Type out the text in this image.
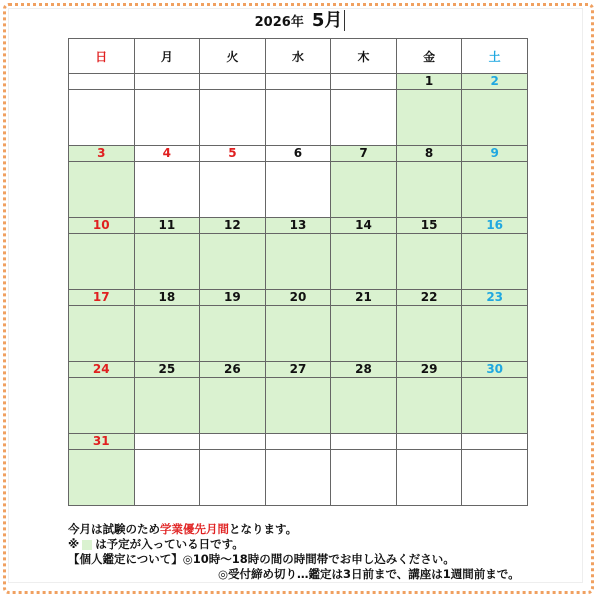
2026年 5月
日	月	火	水	木	金	土
					1	2

3	4	5	6	7	8	9

10	11	12	13	14	15	16

17	18	19	20	21	22	23

24	25	26	27	28	29	30

31						

今月は試験のため学業優先月間となります。
※ は予定が入っている日です。
【個人鑑定について】◎10時～18時の間の時間帯でお申し込みください。
◎受付締め切り…鑑定は3日前まで、講座は1週間前まで。
